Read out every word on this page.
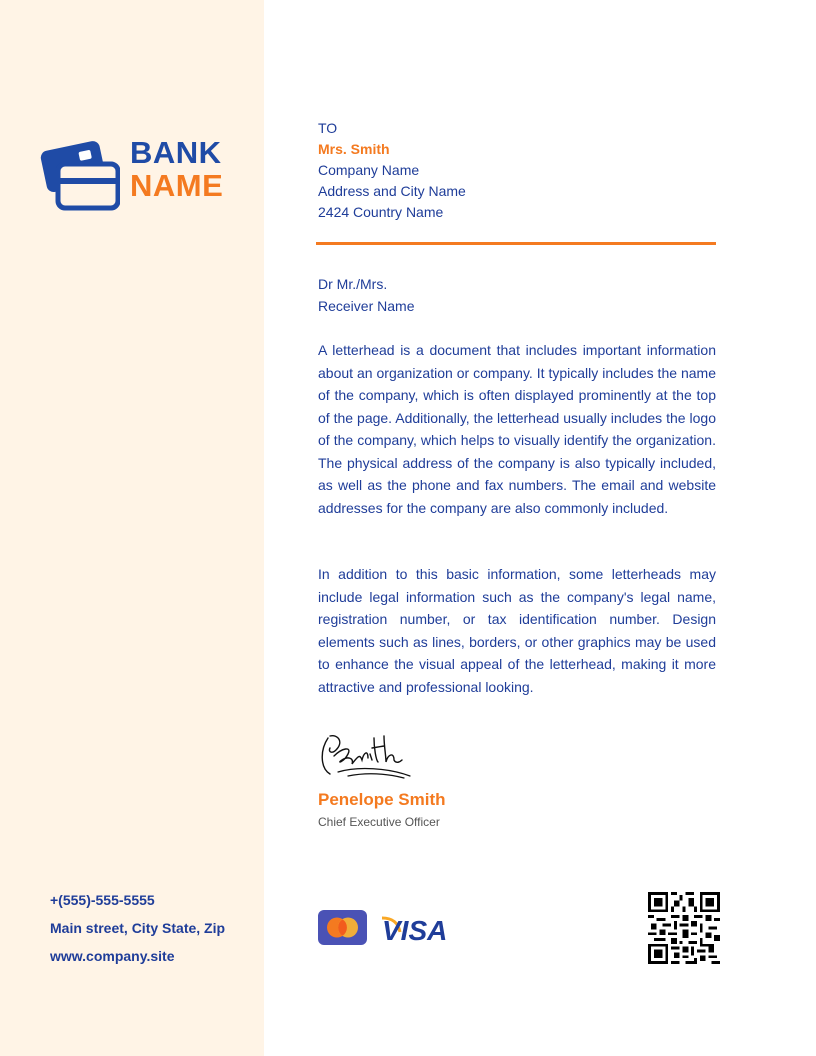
BANK
NAME
+(555)-555-5555
Main street, City State, Zip
www.company.site
TO
Mrs. Smith
Company Name
Address and City Name
2424 Country Name
Dr Mr./Mrs.
Receiver Name
A letterhead is a document that includes important information about an organization or company. It typically includes the name of the company, which is often displayed prominently at the top of the page. Additionally, the letterhead usually includes the logo of the company, which helps to visually identify the organization. The physical address of the company is also typically included, as well as the phone and fax numbers. The email and website addresses for the company are also commonly included.
In addition to this basic information, some letterheads may include legal information such as the company's legal name, registration number, or tax identification number. Design elements such as lines, borders, or other graphics may be used to enhance the visual appeal of the letterhead, making it more attractive and professional looking.
Penelope Smith
Chief Executive Officer
VISA
